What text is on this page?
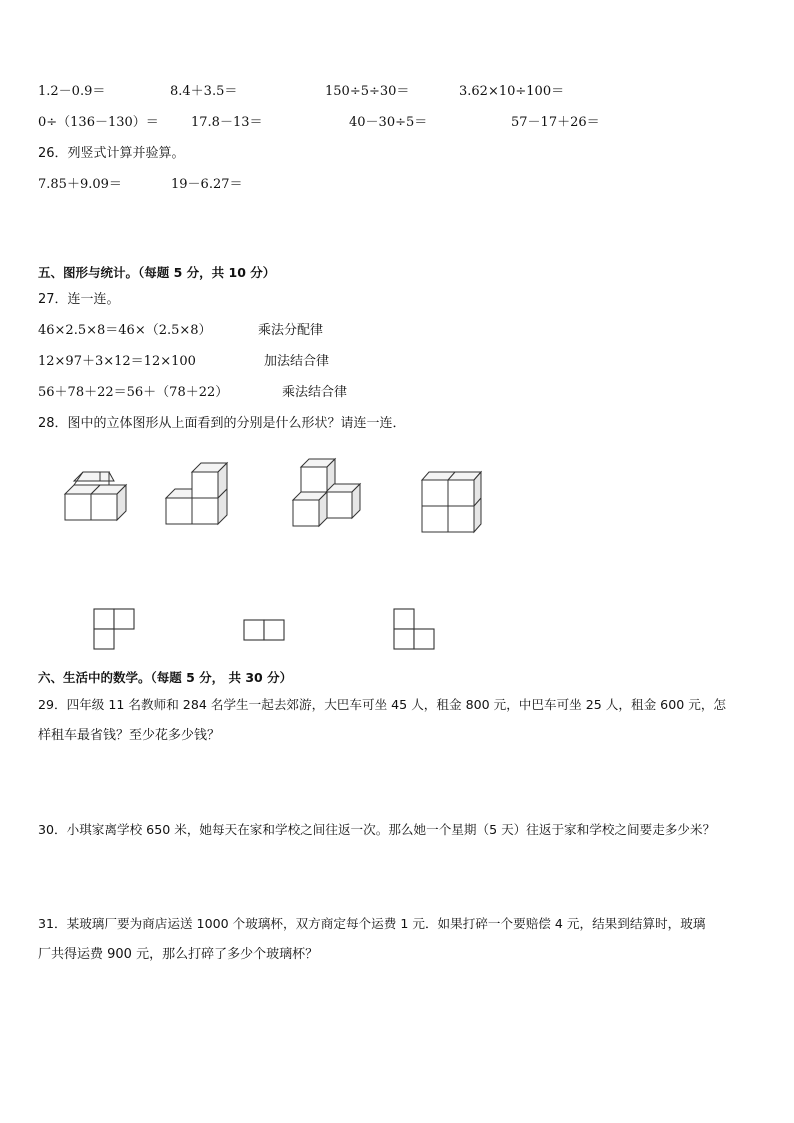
1.2－0.9＝	8.4＋3.5＝	150÷5÷30＝	3.62×10÷100＝
0÷（136－130）＝ 17.8－13＝	40－30÷5＝	57－17＋26＝
26．列竖式计算并验算。
7.85＋9.09＝	19－6.27＝
五、图形与统计。（每题 5 分，共 10 分）
27．连一连。
46×2.5×8＝46×（2.5×8）	乘法分配律
12×97＋3×12＝12×100	加法结合律
56＋78＋22＝56＋（78＋22）	乘法结合律
28．图中的立体图形从上面看到的分别是什么形状？请连一连．
六、生活中的数学。（每题 5 分， 共 30 分）
29．四年级 11 名教师和 284 名学生一起去郊游，大巴车可坐 45 人，租金 800 元，中巴车可坐 25 人，租金 600 元，怎
样租车最省钱？至少花多少钱？
30．小琪家离学校 650 米，她每天在家和学校之间往返一次。那么她一个星期（5 天）往返于家和学校之间要走多少米？
31．某玻璃厂要为商店运送 1000 个玻璃杯，双方商定每个运费 1 元．如果打碎一个要赔偿 4 元，结果到结算时，玻璃
厂共得运费 900 元，那么打碎了多少个玻璃杯？
